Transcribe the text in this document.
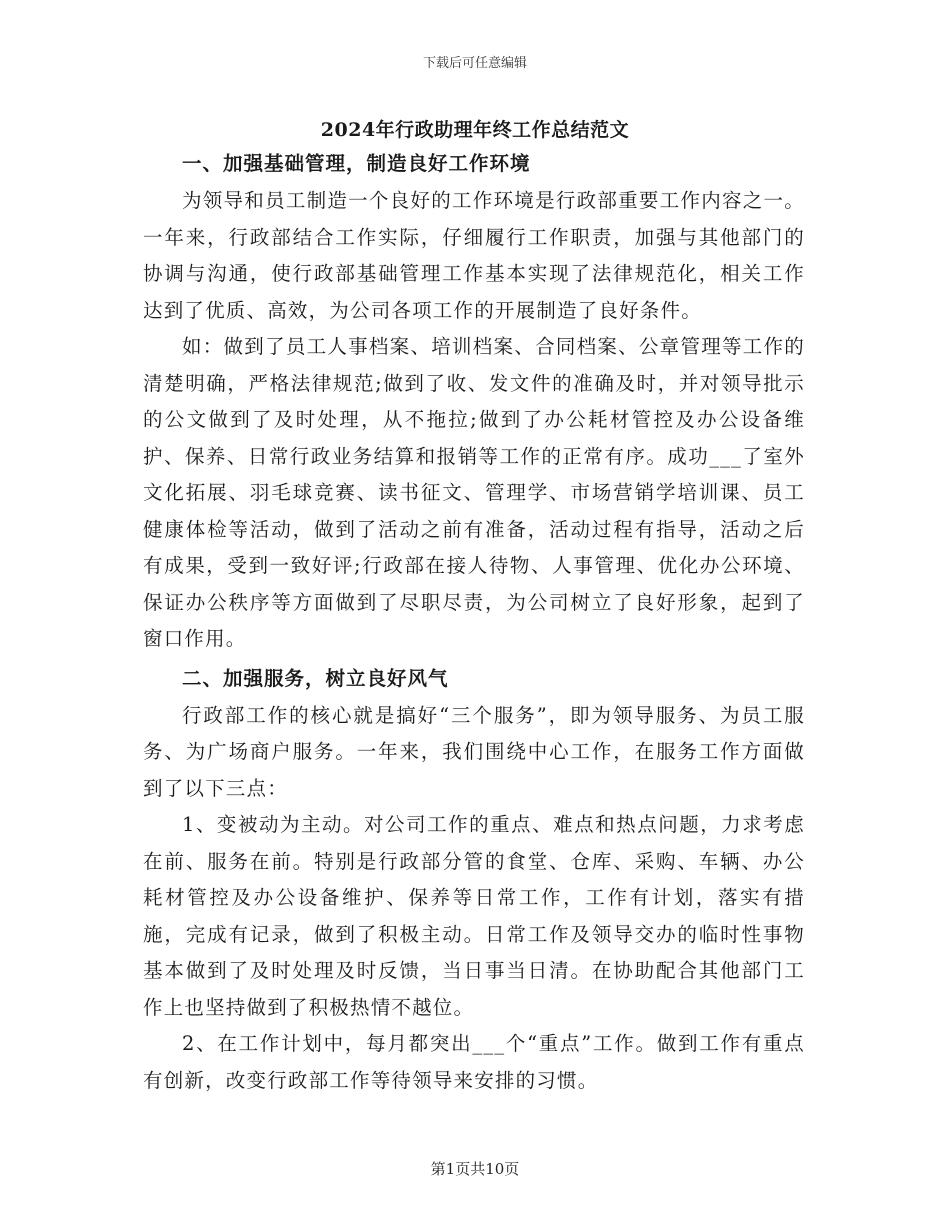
下载后可任意编辑
2024年行政助理年终工作总结范文
一、加强基础管理，制造良好工作环境

为领导和员工制造一个良好的工作环境是行政部重要工作内容之一。一年来，行政部结合工作实际，仔细履行工作职责，加强与其他部门的协调与沟通，使行政部基础管理工作基本实现了法律规范化，相关工作达到了优质、高效，为公司各项工作的开展制造了良好条件。

如：做到了员工人事档案、培训档案、合同档案、公章管理等工作的清楚明确，严格法律规范;做到了收、发文件的准确及时，并对领导批示的公文做到了及时处理，从不拖拉;做到了办公耗材管控及办公设备维护、保养、日常行政业务结算和报销等工作的正常有序。成功___了室外文化拓展、羽毛球竞赛、读书征文、管理学、市场营销学培训课、员工健康体检等活动，做到了活动之前有准备，活动过程有指导，活动之后有成果，受到一致好评;行政部在接人待物、人事管理、优化办公环境、保证办公秩序等方面做到了尽职尽责，为公司树立了良好形象，起到了窗口作用。

二、加强服务，树立良好风气

行政部工作的核心就是搞好“三个服务”，即为领导服务、为员工服务、为广场商户服务。一年来，我们围绕中心工作，在服务工作方面做到了以下三点：

1、变被动为主动。对公司工作的重点、难点和热点问题，力求考虑在前、服务在前。特别是行政部分管的食堂、仓库、采购、车辆、办公耗材管控及办公设备维护、保养等日常工作，工作有计划，落实有措施，完成有记录，做到了积极主动。日常工作及领导交办的临时性事物基本做到了及时处理及时反馈，当日事当日清。在协助配合其他部门工作上也坚持做到了积极热情不越位。

2、在工作计划中，每月都突出___个“重点”工作。做到工作有重点有创新，改变行政部工作等待领导来安排的习惯。

第1页共10页
